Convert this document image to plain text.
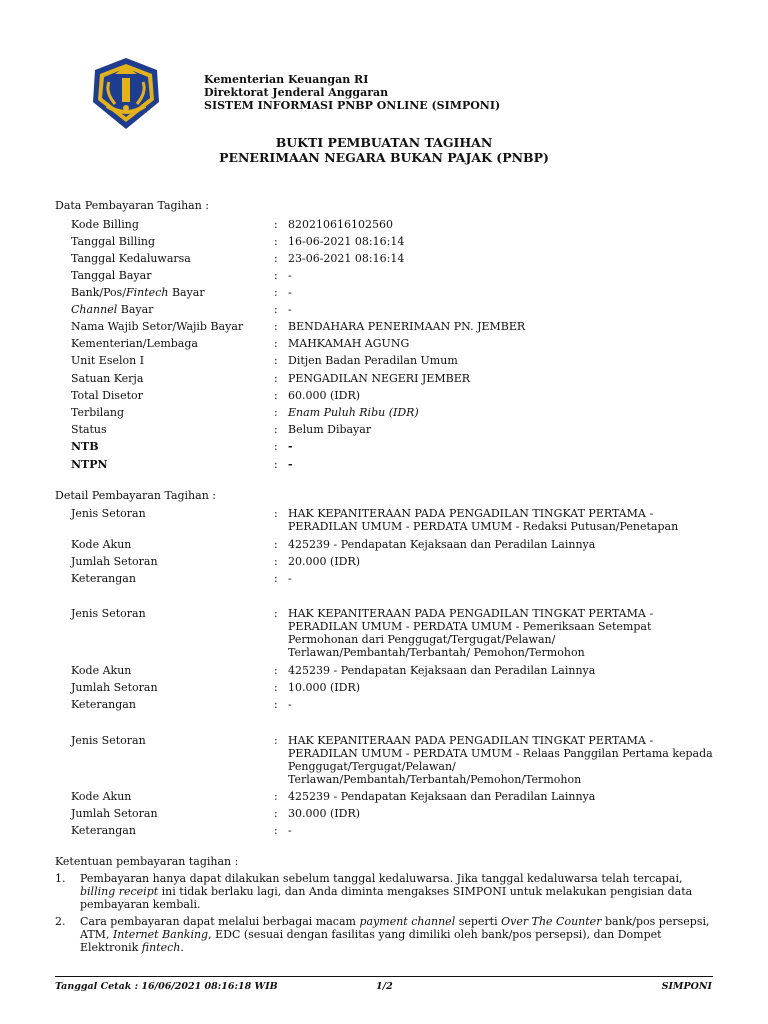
Kementerian Keuangan RI
Direktorat Jenderal Anggaran
SISTEM INFORMASI PNBP ONLINE (SIMPONI)
BUKTI PEMBUATAN TAGIHAN
PENERIMAAN NEGARA BUKAN PAJAK (PNBP)
Data Pembayaran Tagihan :
Kode Billing	: 820210616102560
Tanggal Billing	: 16-06-2021 08:16:14
Tanggal Kedaluwarsa	: 23-06-2021 08:16:14
Tanggal Bayar	: -
Bank/Pos/Fintech Bayar	: -
Channel Bayar	: -
Nama Wajib Setor/Wajib Bayar	: BENDAHARA PENERIMAAN PN. JEMBER
Kementerian/Lembaga	: MAHKAMAH AGUNG
Unit Eselon I	: Ditjen Badan Peradilan Umum
Satuan Kerja	: PENGADILAN NEGERI JEMBER
Total Disetor	: 60.000 (IDR)
Terbilang	: Enam Puluh Ribu (IDR)
Status	: Belum Dibayar
NTB	: -
NTPN	: -
Detail Pembayaran Tagihan :
Jenis Setoran	: HAK KEPANITERAAN PADA PENGADILAN TINGKAT PERTAMA - PERADILAN UMUM - PERDATA UMUM - Redaksi Putusan/Penetapan
Kode Akun	: 425239 - Pendapatan Kejaksaan dan Peradilan Lainnya
Jumlah Setoran	: 20.000 (IDR)
Keterangan	: -
Jenis Setoran	: HAK KEPANITERAAN PADA PENGADILAN TINGKAT PERTAMA - PERADILAN UMUM - PERDATA UMUM - Pemeriksaan Setempat Permohonan dari Penggugat/Tergugat/Pelawan/ Terlawan/Pembantah/Terbantah/ Pemohon/Termohon
Kode Akun	: 425239 - Pendapatan Kejaksaan dan Peradilan Lainnya
Jumlah Setoran	: 10.000 (IDR)
Keterangan	: -
Jenis Setoran	: HAK KEPANITERAAN PADA PENGADILAN TINGKAT PERTAMA - PERADILAN UMUM - PERDATA UMUM - Relaas Panggilan Pertama kepada Penggugat/Tergugat/Pelawan/ Terlawan/Pembantah/Terbantah/Pemohon/Termohon
Kode Akun	: 425239 - Pendapatan Kejaksaan dan Peradilan Lainnya
Jumlah Setoran	: 30.000 (IDR)
Keterangan	: -
Ketentuan pembayaran tagihan :
1. Pembayaran hanya dapat dilakukan sebelum tanggal kedaluwarsa. Jika tanggal kedaluwarsa telah tercapai, billing receipt ini tidak berlaku lagi, dan Anda diminta mengakses SIMPONI untuk melakukan pengisian data pembayaran kembali.
2. Cara pembayaran dapat melalui berbagai macam payment channel seperti Over The Counter bank/pos persepsi, ATM, Internet Banking, EDC (sesuai dengan fasilitas yang dimiliki oleh bank/pos persepsi), dan Dompet Elektronik fintech.
Tanggal Cetak : 16/06/2021 08:16:18 WIB	1/2	SIMPONI
